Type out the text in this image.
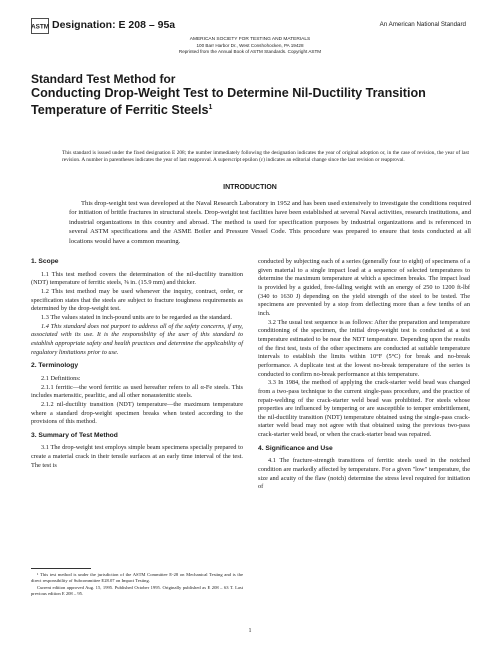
ASTM Designation: E 208 – 95a	An American National Standard
AMERICAN SOCIETY FOR TESTING AND MATERIALS
100 Barr Harbor Dr., West Conshohocken, PA 19428
Reprinted from the Annual Book of ASTM Standards. Copyright ASTM
Standard Test Method for
Conducting Drop-Weight Test to Determine Nil-Ductility Transition Temperature of Ferritic Steels$^1$
This standard is issued under the fixed designation E 208; the number immediately following the designation indicates the year of original adoption or, in the case of revision, the year of last revision. A number in parentheses indicates the year of last reapproval. A superscript epsilon (ε) indicates an editorial change since the last revision or reapproval.
INTRODUCTION
This drop-weight test was developed at the Naval Research Laboratory in 1952 and has been used extensively to investigate the conditions required for initiation of brittle fractures in structural steels. Drop-weight test facilities have been established at several Naval activities, research institutions, and industrial organizations in this country and abroad. The method is used for specification purposes by industrial organizations and is referenced in several ASTM specifications and the ASME Boiler and Pressure Vessel Code. This procedure was prepared to ensure that tests conducted at all locations would have a common meaning.

1. Scope

1.1 This test method covers the determination of the nil-ductility transition (NDT) temperature of ferritic steels, ⅝ in. (15.9 mm) and thicker.

1.2 This test method may be used whenever the inquiry, contract, order, or specification states that the steels are subject to fracture toughness requirements as determined by the drop-weight test.

1.3 The values stated in inch-pound units are to be regarded as the standard.

1.4 This standard does not purport to address all of the safety concerns, if any, associated with its use. It is the responsibility of the user of this standard to establish appropriate safety and health practices and determine the applicability of regulatory limitations prior to use.

2. Terminology

2.1 Definitions:

2.1.1 ferritic—the word ferritic as used hereafter refers to all α-Fe steels. This includes martensitic, pearlitic, and all other nonaustenitic steels.

2.1.2 nil-ductility transition (NDT) temperature—the maximum temperature where a standard drop-weight specimen breaks when tested according to the provisions of this method.

3. Summary of Test Method

3.1 The drop-weight test employs simple beam specimens specially prepared to create a material crack in their tensile surfaces at an early time interval of the test. The test is

¹ This test method is under the jurisdiction of the ASTM Committee E-28 on Mechanical Testing and is the direct responsibility of Subcommittee E28.07 on Impact Testing.

Current edition approved Aug. 15, 1995. Published October 1995. Originally published as E 208 – 63 T. Last previous edition E 208 – 95.

conducted by subjecting each of a series (generally four to eight) of specimens of a given material to a single impact load at a sequence of selected temperatures to determine the maximum temperature at which a specimen breaks. The impact load is provided by a guided, free-falling weight with an energy of 250 to 1200 ft-lbf (340 to 1630 J) depending on the yield strength of the steel to be tested. The specimens are prevented by a stop from deflecting more than a few tenths of an inch.

3.2 The usual test sequence is as follows: After the preparation and temperature conditioning of the specimen, the initial drop-weight test is conducted at a test temperature estimated to be near the NDT temperature. Depending upon the results of the first test, tests of the other specimens are conducted at suitable temperature intervals to establish the limits within 10°F (5°C) for break and no-break performance. A duplicate test at the lowest no-break temperature of the series is conducted to confirm no-break performance at this temperature.

3.3 In 1984, the method of applying the crack-starter weld bead was changed from a two-pass technique to the current single-pass procedure, and the practice of repair-welding of the crack-starter weld bead was prohibited. For steels whose properties are influenced by tempering or are susceptible to temper embrittlement, the nil-ductility transition (NDT) temperature obtained using the single-pass crack-starter weld bead may not agree with that obtained using the previous two-pass crack-starter weld bead, or when the crack-starter bead was repaired.

4. Significance and Use

4.1 The fracture-strength transitions of ferritic steels used in the notched condition are markedly affected by temperature. For a given "low" temperature, the size and acuity of the flaw (notch) determine the stress level required for initiation of

1
